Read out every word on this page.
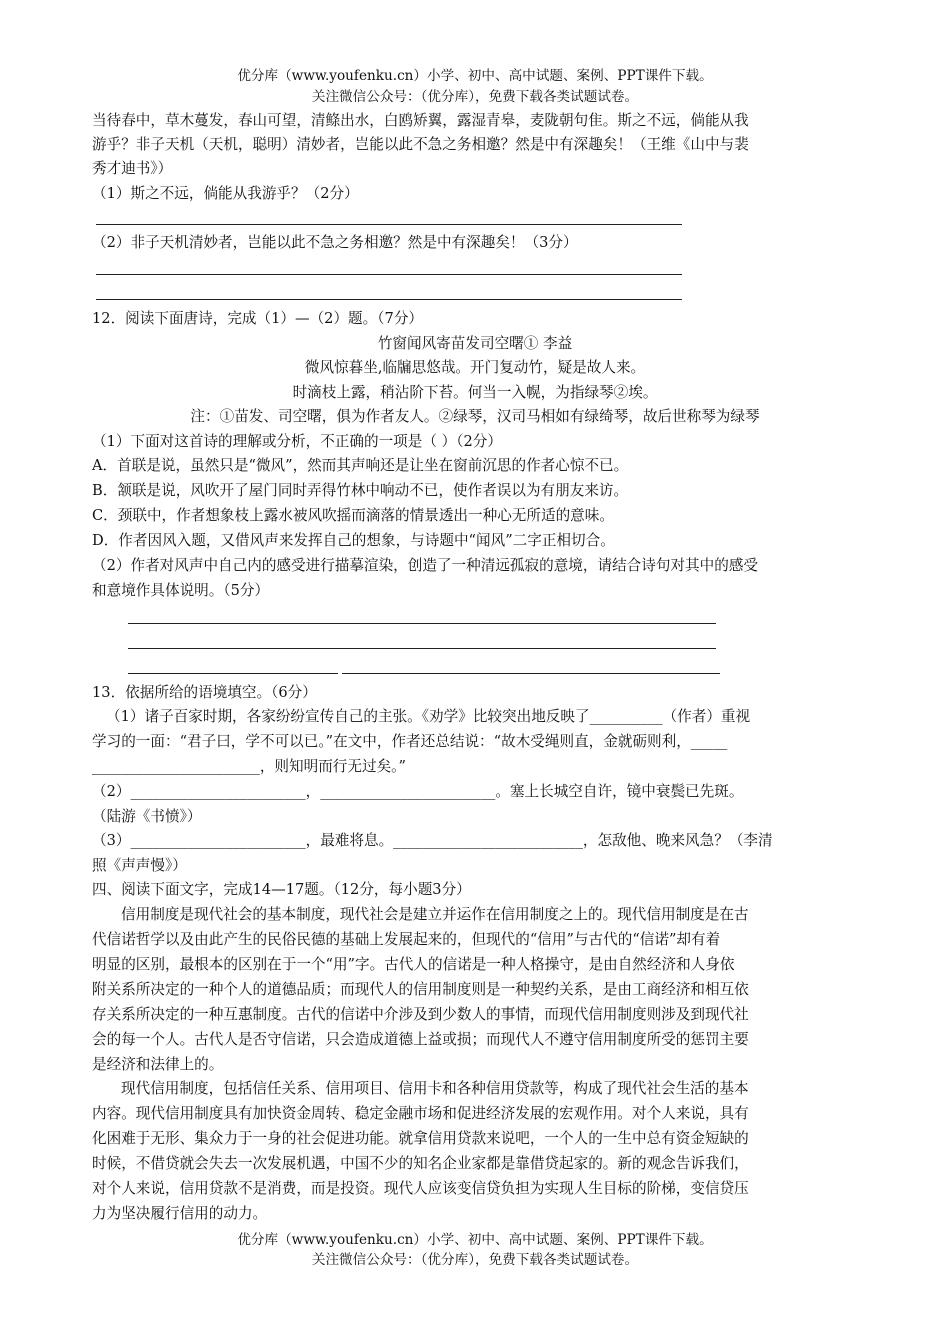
优分库（www.youfenku.cn）小学、初中、高中试题、案例、PPT课件下载。
关注微信公众号：（优分库），免费下载各类试题试卷。
当待春中，草木蔓发，春山可望，清鲦出水，白鸥矫翼，露湿青皋，麦陇朝句隹。斯之不远，倘能从我
游乎？非子天机（天机，聪明）清妙者，岂能以此不急之务相邀？然是中有深趣矣！（王维《山中与裴
秀才迪书》）
（1）斯之不远，倘能从我游乎？（2分）
（2）非子天机清妙者，岂能以此不急之务相邀？然是中有深趣矣！（3分）
12．阅读下面唐诗，完成（1）—（2）题。（7分）
竹窗闻风寄苗发司空曙① 李益
微风惊暮坐,临牖思悠哉。开门复动竹，疑是故人来。
时滴枝上露，稍沾阶下苔。何当一入幌，为指绿琴②埃。
注：①苗发、司空曙，俱为作者友人。②绿琴，汉司马相如有绿绮琴，故后世称琴为绿琴
（1）下面对这首诗的理解或分析，不正确的一项是（ ）（2分）
A．首联是说，虽然只是“微风”，然而其声响还是让坐在窗前沉思的作者心惊不已。
B．颔联是说，风吹开了屋门同时弄得竹林中响动不已，使作者误以为有朋友来访。
C．颈联中，作者想象枝上露水被风吹摇而滴落的情景透出一种心无所适的意味。
D．作者因风入题，又借风声来发挥自己的想象，与诗题中“闻风”二字正相切合。
（2）作者对风声中自己内的感受进行描摹渲染，创造了一种清远孤寂的意境，请结合诗句对其中的感受
和意境作具体说明。（5分）
13．依据所给的语境填空。（6分）
（1）诸子百家时期，各家纷纷宣传自己的主张。《劝学》比较突出地反映了__________（作者）重视
学习的一面：“君子曰，学不可以已。”在文中，作者还总结说：“故木受绳则直，金就砺则利，_____
_______________________，则知明而行无过矣。”
（2）________________________，________________________。塞上长城空自许，镜中衰鬓已先斑。
（陆游《书愤》）
（3）________________________，最难将息。__________________________，怎敌他、晚来风急？（李清
照《声声慢》）
四、阅读下面文字，完成14—17题。（12分，每小题3分）
信用制度是现代社会的基本制度，现代社会是建立并运作在信用制度之上的。现代信用制度是在古
代信诺哲学以及由此产生的民俗民德的基础上发展起来的，但现代的“信用”与古代的“信诺”却有着
明显的区别，最根本的区别在于一个“用”字。古代人的信诺是一种人格操守，是由自然经济和人身依
附关系所决定的一种个人的道德品质；而现代人的信用制度则是一种契约关系，是由工商经济和相互依
存关系所决定的一种互惠制度。古代的信诺中介涉及到少数人的事情，而现代信用制度则涉及到现代社
会的每一个人。古代人是否守信诺，只会造成道德上益或损；而现代人不遵守信用制度所受的惩罚主要
是经济和法律上的。
现代信用制度，包括信任关系、信用项目、信用卡和各种信用贷款等，构成了现代社会生活的基本
内容。现代信用制度具有加快资金周转、稳定金融市场和促进经济发展的宏观作用。对个人来说，具有
化困难于无形、集众力于一身的社会促进功能。就拿信用贷款来说吧，一个人的一生中总有资金短缺的
时候，不借贷就会失去一次发展机遇，中国不少的知名企业家都是靠借贷起家的。新的观念告诉我们，
对个人来说，信用贷款不是消费，而是投资。现代人应该变信贷负担为实现人生目标的阶梯，变信贷压
力为坚决履行信用的动力。
优分库（www.youfenku.cn）小学、初中、高中试题、案例、PPT课件下载。
关注微信公众号：（优分库），免费下载各类试题试卷。
